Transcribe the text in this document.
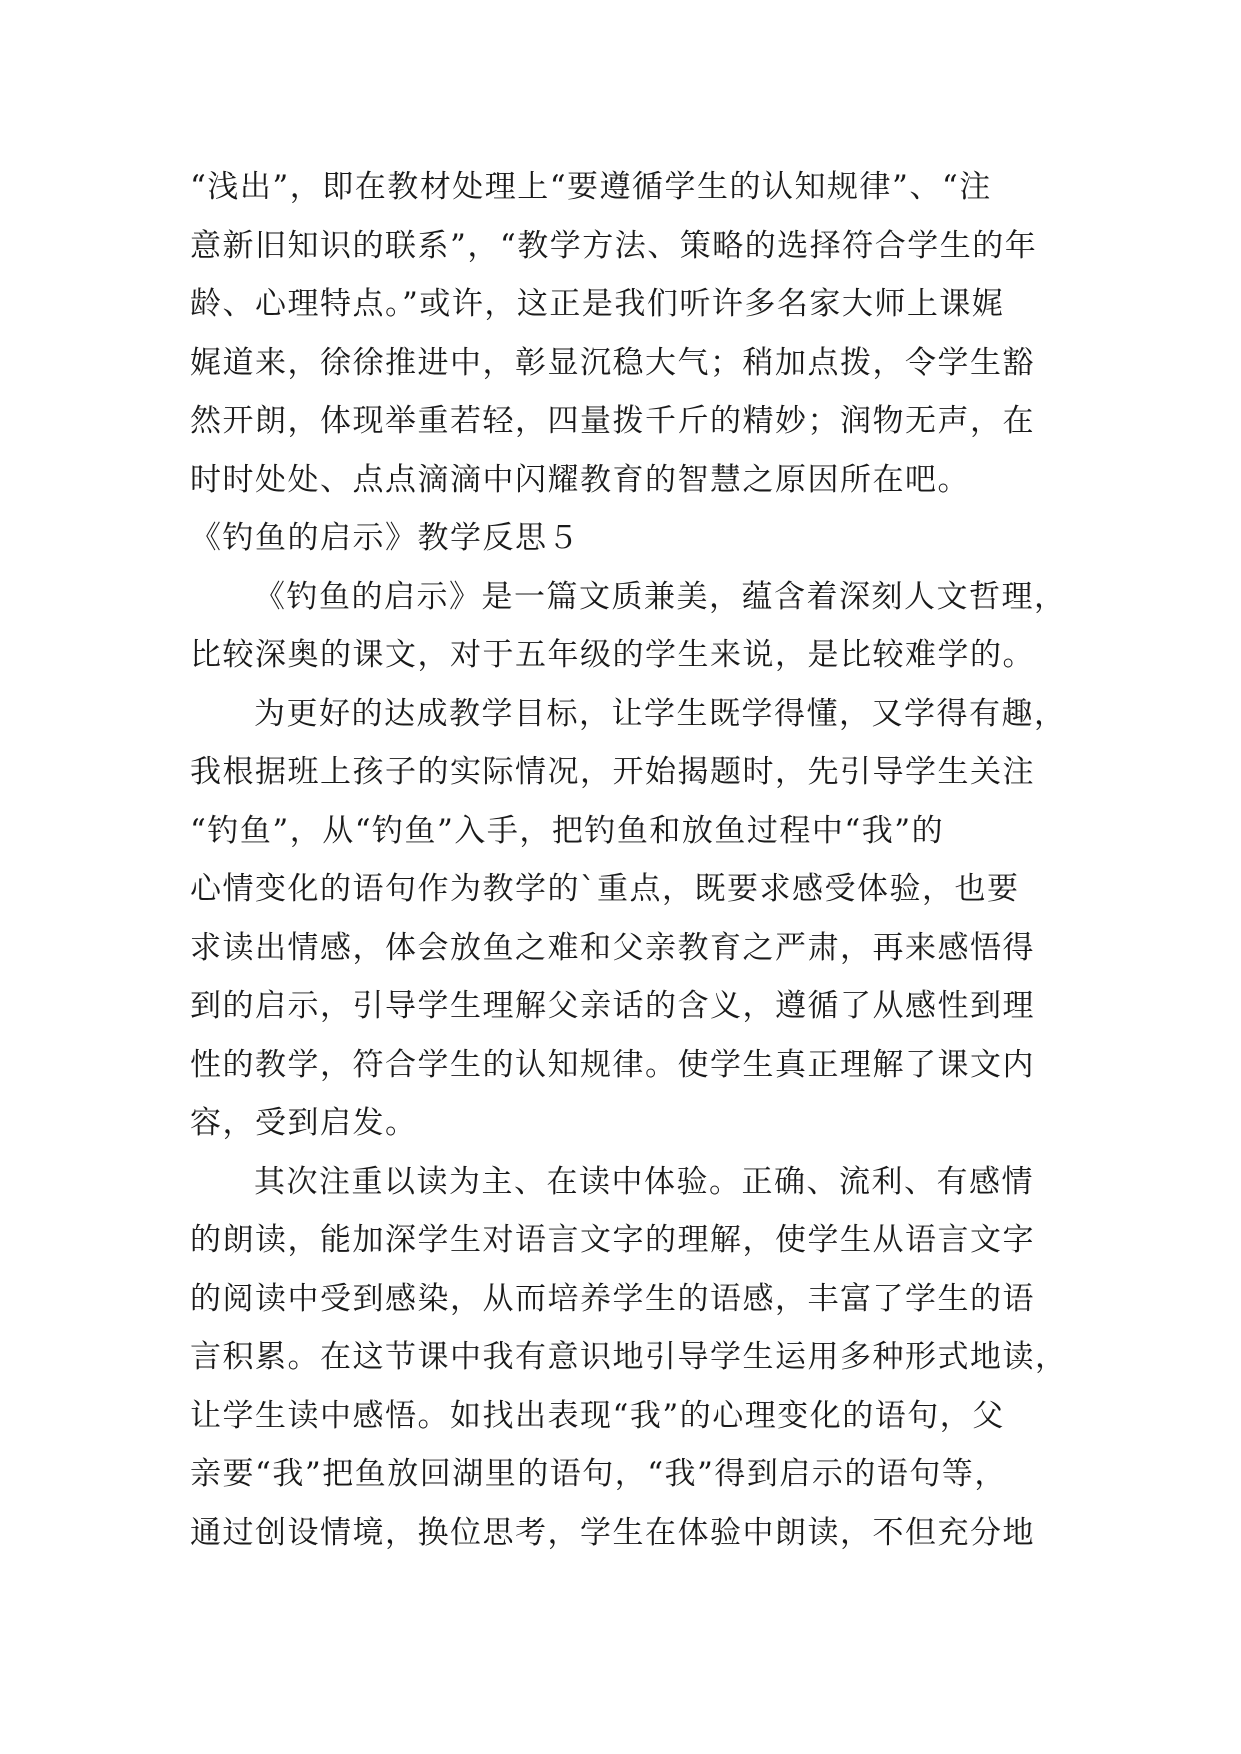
“浅出”，即在教材处理上“要遵循学生的认知规律”、“注
意新旧知识的联系”，“教学方法、策略的选择符合学生的年
龄、心理特点。”或许，这正是我们听许多名家大师上课娓
娓道来，徐徐推进中，彰显沉稳大气；稍加点拨，令学生豁
然开朗，体现举重若轻，四量拨千斤的精妙；润物无声，在
时时处处、点点滴滴中闪耀教育的智慧之原因所在吧。
《钓鱼的启示》教学反思５
《钓鱼的启示》是一篇文质兼美，蕴含着深刻人文哲理，
比较深奥的课文，对于五年级的学生来说，是比较难学的。
为更好的达成教学目标，让学生既学得懂，又学得有趣，
我根据班上孩子的实际情况，开始揭题时，先引导学生关注
“钓鱼”，从“钓鱼”入手，把钓鱼和放鱼过程中“我”的
心情变化的语句作为教学的`重点，既要求感受体验，也要
求读出情感，体会放鱼之难和父亲教育之严肃，再来感悟得
到的启示，引导学生理解父亲话的含义，遵循了从感性到理
性的教学，符合学生的认知规律。使学生真正理解了课文内
容，受到启发。
其次注重以读为主、在读中体验。正确、流利、有感情
的朗读，能加深学生对语言文字的理解，使学生从语言文字
的阅读中受到感染，从而培养学生的语感，丰富了学生的语
言积累。在这节课中我有意识地引导学生运用多种形式地读，
让学生读中感悟。如找出表现“我”的心理变化的语句，父
亲要“我”把鱼放回湖里的语句，“我”得到启示的语句等，
通过创设情境，换位思考，学生在体验中朗读，不但充分地
